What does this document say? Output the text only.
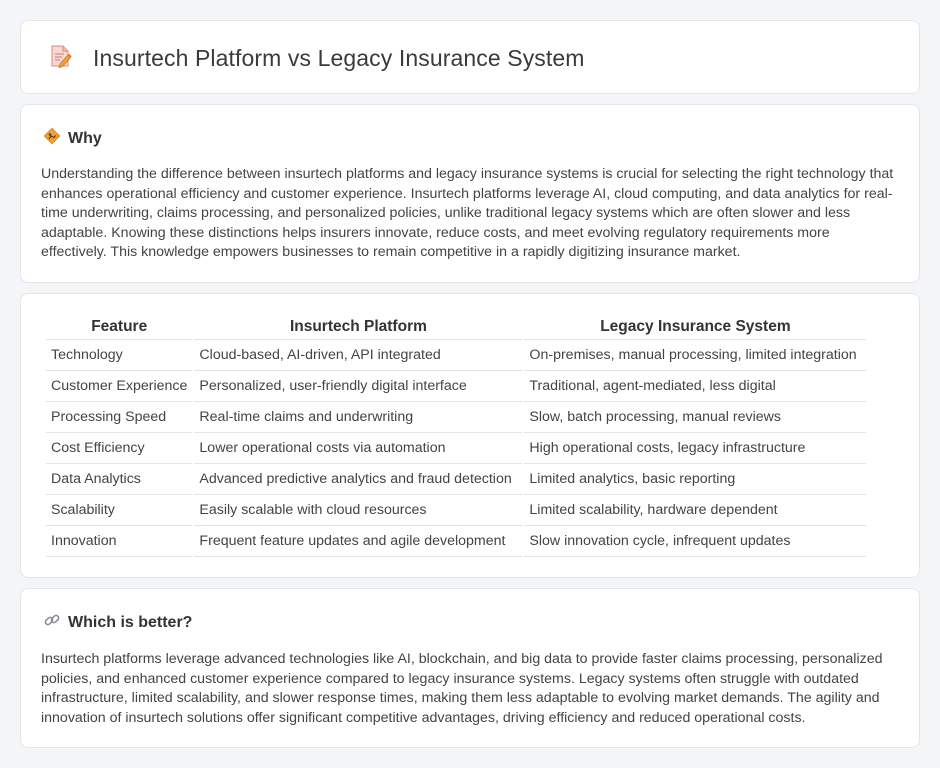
Insurtech Platform vs Legacy Insurance System
Why

Understanding the difference between insurtech platforms and legacy insurance systems is crucial for selecting the right technology that enhances operational efficiency and customer experience. Insurtech platforms leverage AI, cloud computing, and data analytics for real-time underwriting, claims processing, and personalized policies, unlike traditional legacy systems which are often slower and less adaptable. Knowing these distinctions helps insurers innovate, reduce costs, and meet evolving regulatory requirements more effectively. This knowledge empowers businesses to remain competitive in a rapidly digitizing insurance market.

Feature	Insurtech Platform	Legacy Insurance System
Technology	Cloud-based, AI-driven, API integrated	On-premises, manual processing, limited integration
Customer Experience	Personalized, user-friendly digital interface	Traditional, agent-mediated, less digital
Processing Speed	Real-time claims and underwriting	Slow, batch processing, manual reviews
Cost Efficiency	Lower operational costs via automation	High operational costs, legacy infrastructure
Data Analytics	Advanced predictive analytics and fraud detection	Limited analytics, basic reporting
Scalability	Easily scalable with cloud resources	Limited scalability, hardware dependent
Innovation	Frequent feature updates and agile development	Slow innovation cycle, infrequent updates
Which is better?

Insurtech platforms leverage advanced technologies like AI, blockchain, and big data to provide faster claims processing, personalized policies, and enhanced customer experience compared to legacy insurance systems. Legacy systems often struggle with outdated infrastructure, limited scalability, and slower response times, making them less adaptable to evolving market demands. The agility and innovation of insurtech solutions offer significant competitive advantages, driving efficiency and reduced operational costs.
